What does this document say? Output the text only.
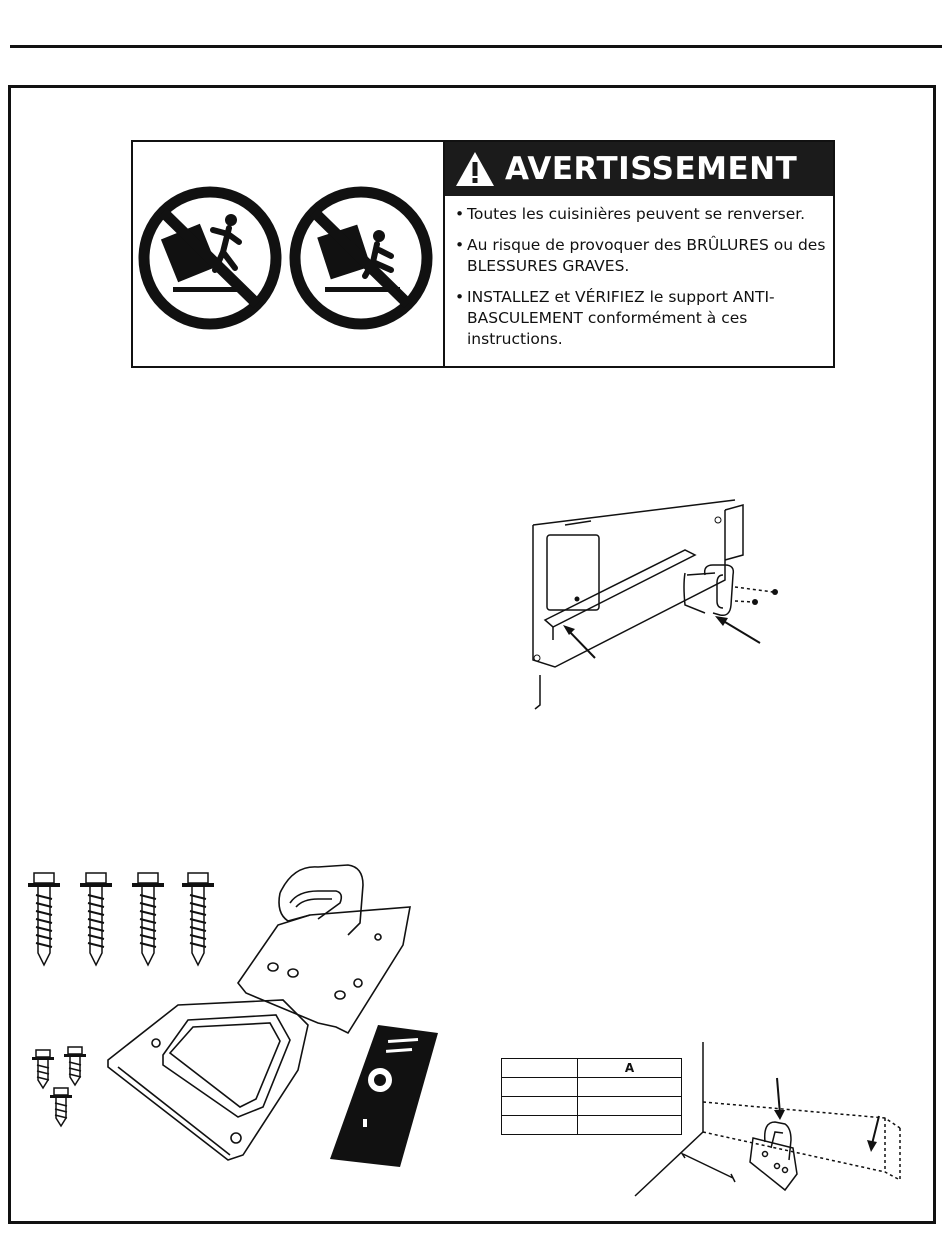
AVERTISSEMENT
• Toutes les cuisinières peuvent se renverser.
• Au risque de provoquer des BRÛLURES ou des BLESSURES GRAVES.
• INSTALLEZ et VÉRIFIEZ le support ANTI-BASCULEMENT conformément à ces instructions.
	A
